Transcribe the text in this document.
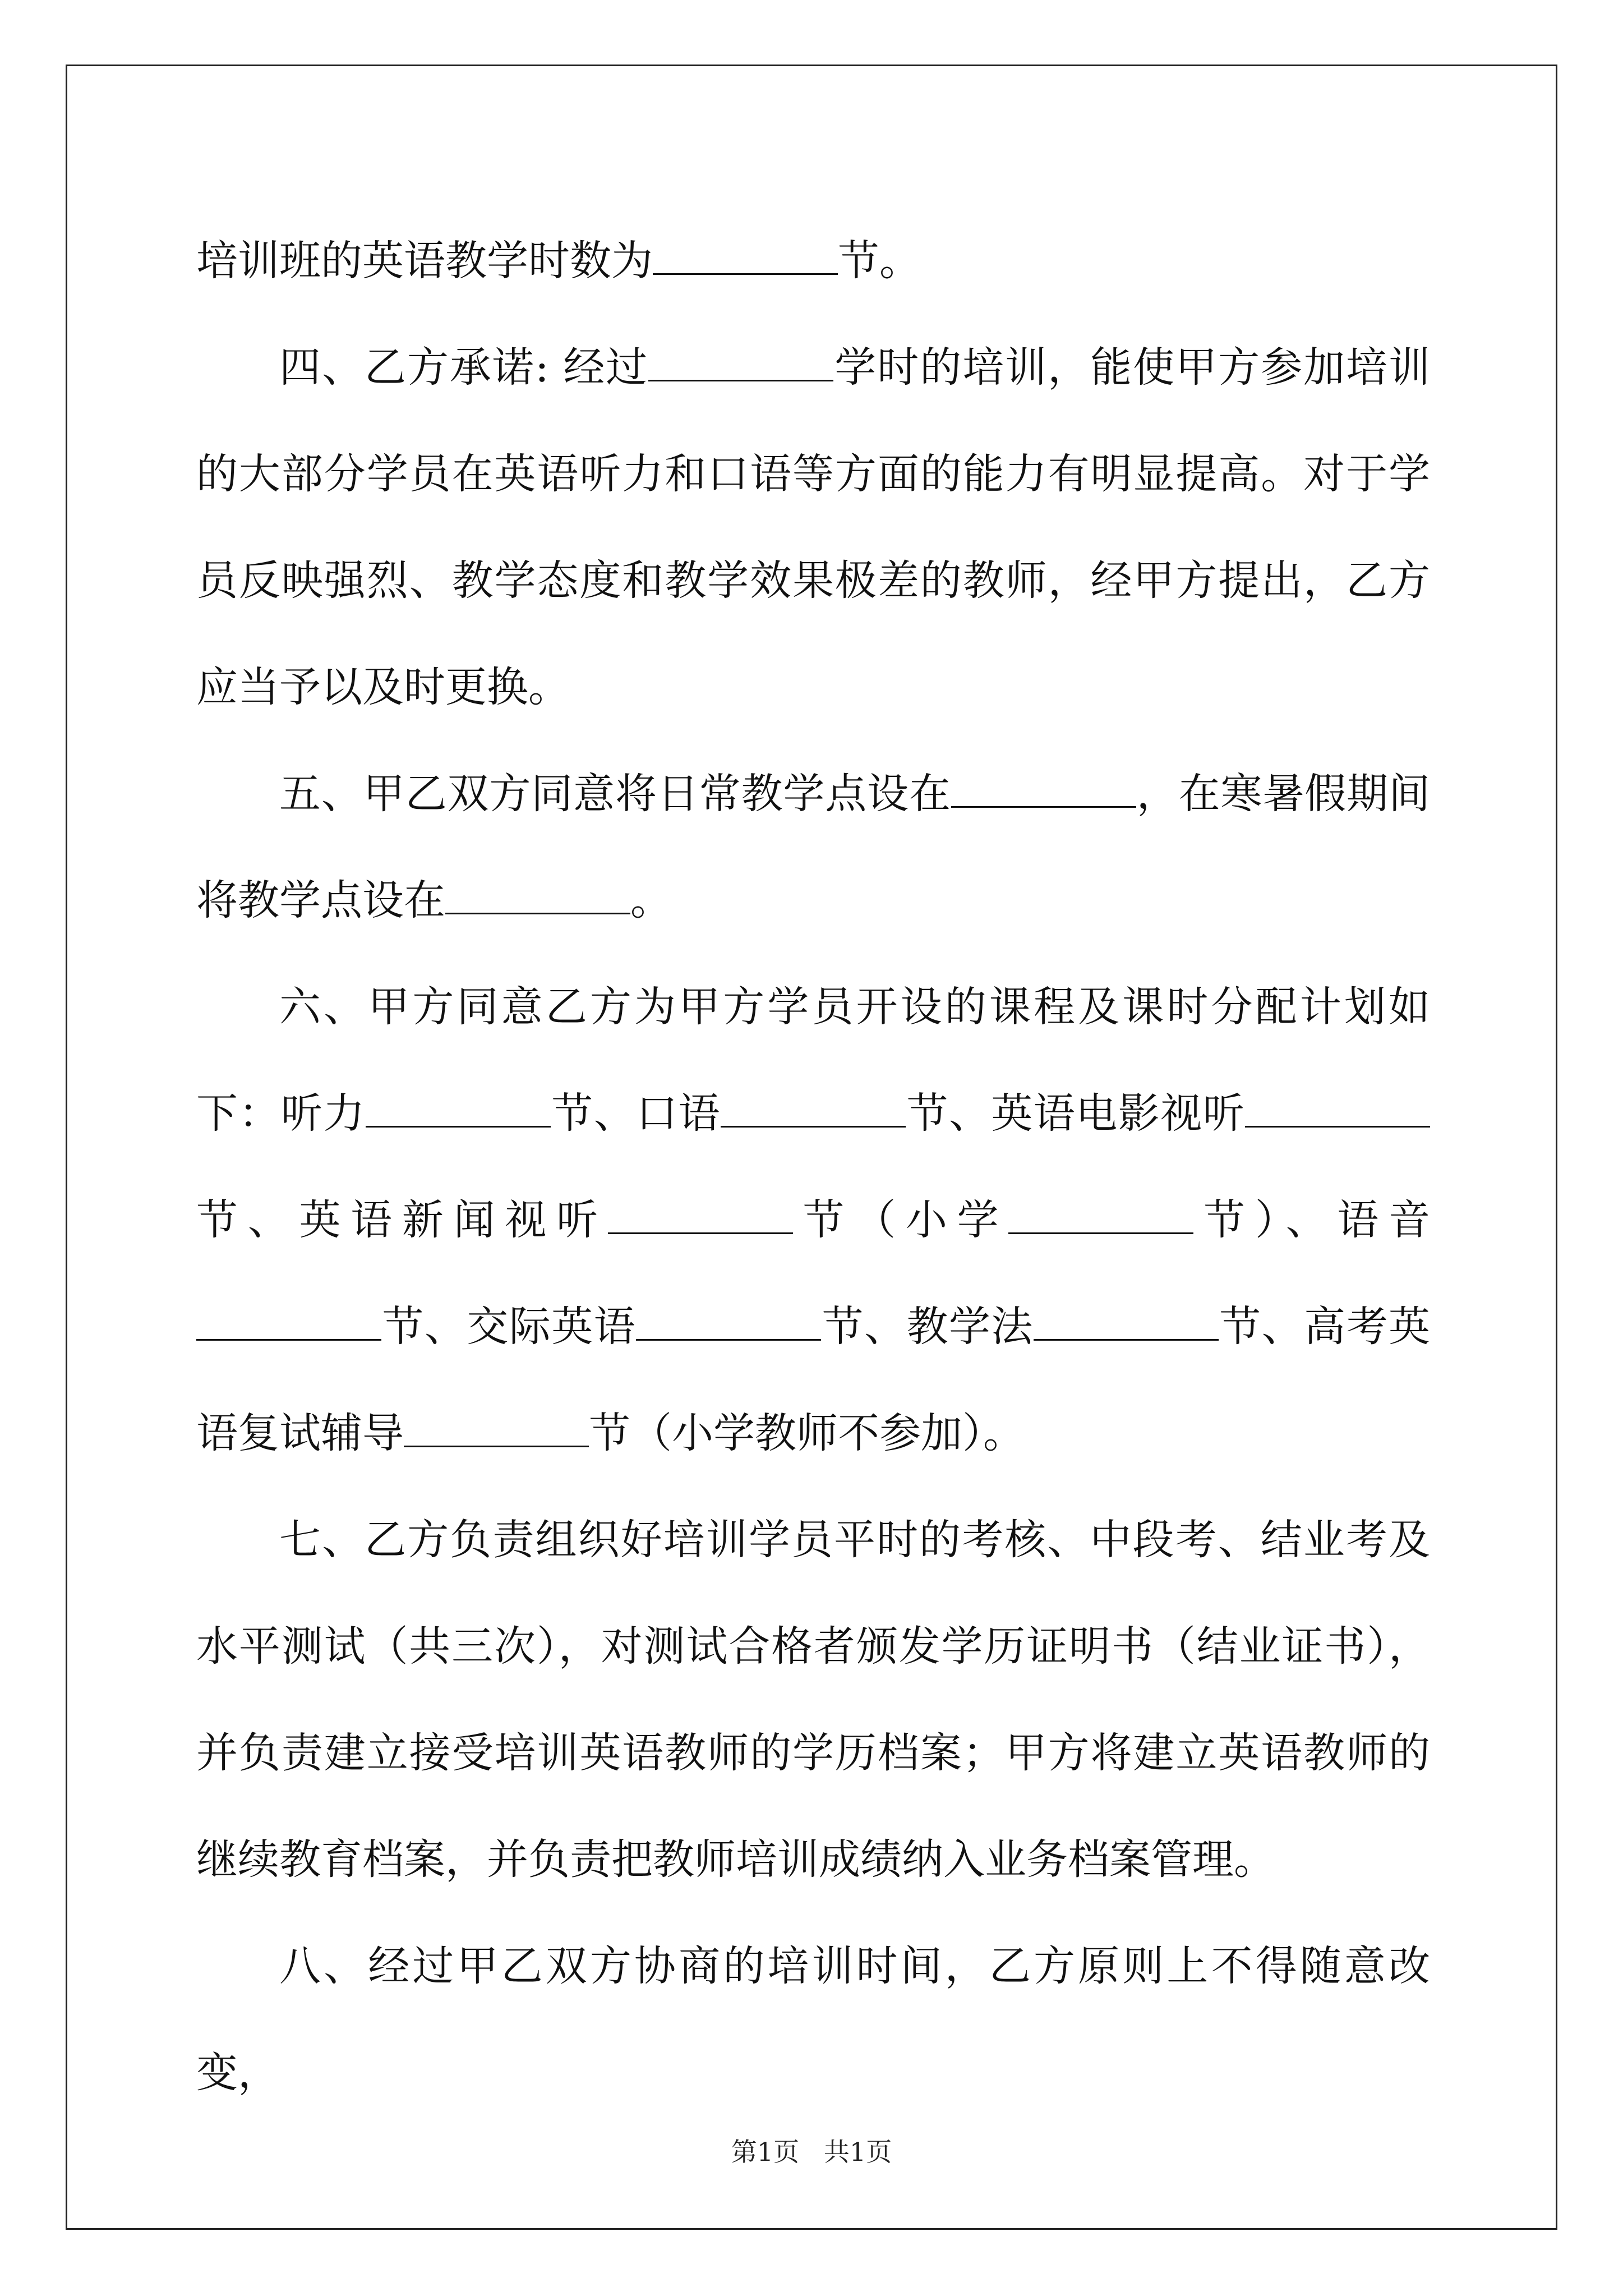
培训班的英语教学时数为	节。

四、乙方承诺: 经过	学时的培训，能使甲方参加培训的大部分学员在英语听力和口语等方面的能力有明显提高。对于学员反映强烈、教学态度和教学效果极差的教师，经甲方提出，乙方应当予以及时更换。

五、甲乙双方同意将日常教学点设在	，在寒暑假期间将教学点设在	。

六、甲方同意乙方为甲方学员开设的课程及课时分配计划如下：听力	节、口语	节、英语电影视听节、英语新闻视听	节（小学	节）、语音节、交际英语	节、教学法	节、高考英语复试辅导	节（小学教师不参加）。

七、乙方负责组织好培训学员平时的考核、中段考、结业考及水平测试（共三次），对测试合格者颁发学历证明书（结业证书），并负责建立接受培训英语教师的学历档案；甲方将建立英语教师的继续教育档案，并负责把教师培训成绩纳入业务档案管理。

八、经过甲乙双方协商的培训时间，乙方原则上不得随意改变，

第1页   共1页
